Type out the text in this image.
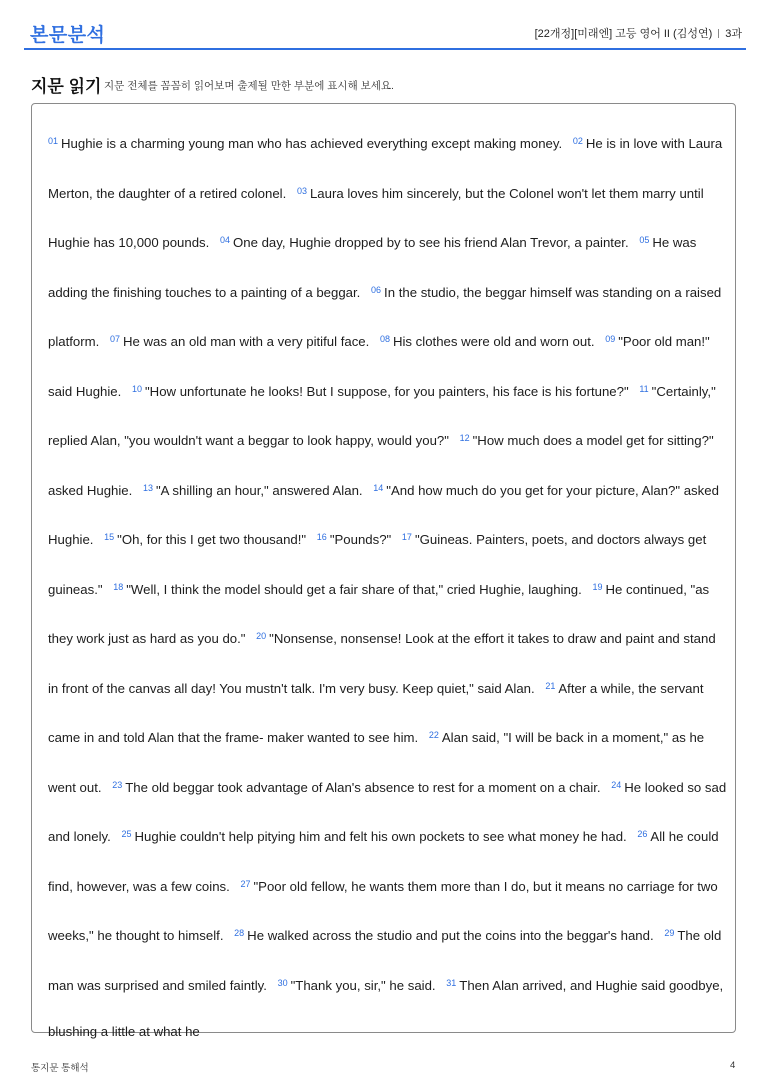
본문분석	[22개정][미래엔] 고등 영어 II (김성연) 3과
지문 읽기 지문 전체를 꼼꼼히 읽어보며 출제될 만한 부분에 표시해 보세요.

$^{01}$ Hughie is a charming young man who has achieved everything except making money. $^{02}$ He is in love with Laura Merton, the daughter of a retired colonel. $^{03}$ Laura loves him sincerely, but the Colonel won't let them marry until Hughie has 10,000 pounds. $^{04}$ One day, Hughie dropped by to see his friend Alan Trevor, a painter. $^{05}$ He was adding the finishing touches to a painting of a beggar. $^{06}$ In the studio, the beggar himself was standing on a raised platform. $^{07}$ He was an old man with a very pitiful face. $^{08}$ His clothes were old and worn out. $^{09}$ "Poor old man!" said Hughie. $^{10}$ "How unfortunate he looks! But I suppose, for you painters, his face is his fortune?" $^{11}$ "Certainly," replied Alan, "you wouldn't want a beggar to look happy, would you?" $^{12}$ "How much does a model get for sitting?" asked Hughie. $^{13}$ "A shilling an hour," answered Alan. $^{14}$ "And how much do you get for your picture, Alan?" asked Hughie. $^{15}$ "Oh, for this I get two thousand!" $^{16}$ "Pounds?" $^{17}$ "Guineas. Painters, poets, and doctors always get guineas." $^{18}$ "Well, I think the model should get a fair share of that," cried Hughie, laughing. $^{19}$ He continued, "as they work just as hard as you do." $^{20}$ "Nonsense, nonsense! Look at the effort it takes to draw and paint and stand in front of the canvas all day! You mustn't talk. I'm very busy. Keep quiet," said Alan. $^{21}$ After a while, the servant came in and told Alan that the frame- maker wanted to see him. $^{22}$ Alan said, "I will be back in a moment," as he went out. $^{23}$ The old beggar took advantage of Alan's absence to rest for a moment on a chair. $^{24}$ He looked so sad and lonely. $^{25}$ Hughie couldn't help pitying him and felt his own pockets to see what money he had. $^{26}$ All he could find, however, was a few coins. $^{27}$ "Poor old fellow, he wants them more than I do, but it means no carriage for two weeks," he thought to himself. $^{28}$ He walked across the studio and put the coins into the beggar's hand. $^{29}$ The old man was surprised and smiled faintly. $^{30}$ "Thank you, sir," he said. $^{31}$ Then Alan arrived, and Hughie said goodbye, blushing a little at what he

통지문 통해석	4
